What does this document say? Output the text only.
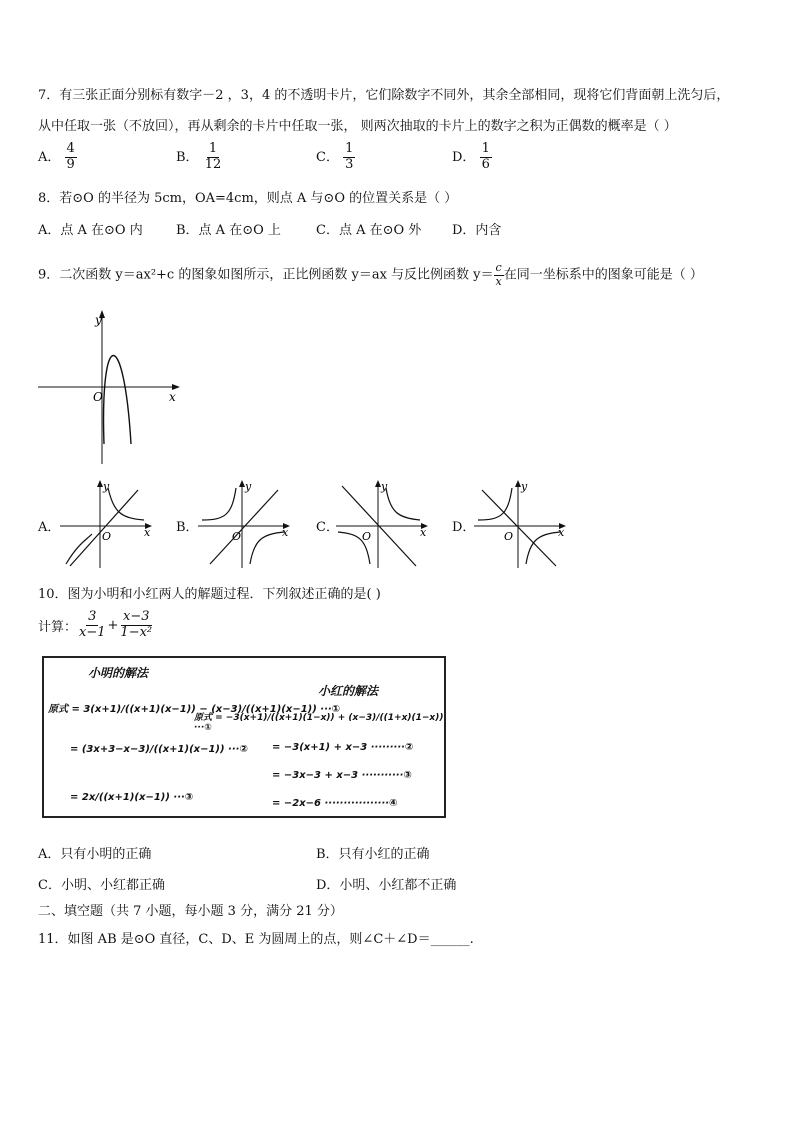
7．有三张正面分别标有数字－2 ，3，4 的不透明卡片，它们除数字不同外，其余全部相同，现将它们背面朝上洗匀后，
从中任取一张（不放回），再从剩余的卡片中任取一张， 则两次抽取的卡片上的数字之积为正偶数的概率是（ ）
A． $\frac{4}{9}$	B． $\frac{1}{12}$	C． $\frac{1}{3}$	D． $\frac{1}{6}$
8．若⊙O 的半径为 5cm，OA=4cm，则点 A 与⊙O 的位置关系是（ ）
A．点 A 在⊙O 内	B．点 A 在⊙O 上	C．点 A 在⊙O 外 D．内含
9．二次函数 y＝ax²+c 的图象如图所示，正比例函数 y＝ax 与反比例函数 $y= \frac{c}{x}$ 在同一坐标系中的图象可能是（ ）
y
x
O
A．
y
x
O
B．
y
x
O
C．
y
x
O
D．
y
x
O
10．图为小明和小红两人的解题过程．下列叙述正确的是( )
计算： $\frac{3}{x-1} + \frac{x-3}{\text{1−x²}}$
小明的解法
原式 = 3(x+1)/((x+1)(x−1)) − (x−3)/((x+1)(x−1)) ···①
= (3x+3−x−3)/((x+1)(x−1)) ···②
= 2x/((x+1)(x−1)) ···③
小红的解法
原式 = −3(x+1)/((x+1)(1−x)) + (x−3)/((1+x)(1−x)) ···①
= −3(x+1) + x−3 ·········②
= −3x−3 + x−3 ···········③
= −2x−6 ·················④
A．只有小明的正确	B．只有小红的正确
C．小明、小红都正确	D．小明、小红都不正确
二、填空题（共 7 小题，每小题 3 分，满分 21 分）
11．如图 AB 是⊙O 直径，C、D、E 为圆周上的点，则∠C＋∠D＝______.
